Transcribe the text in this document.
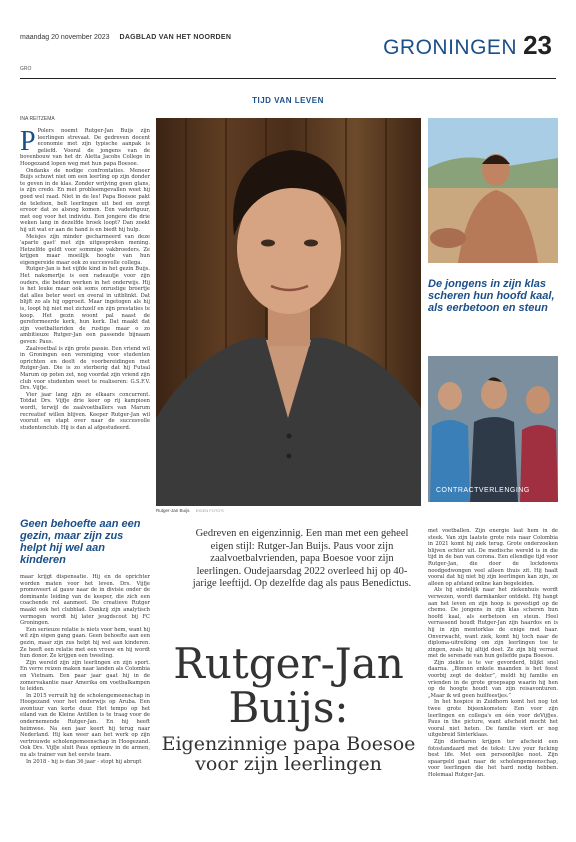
maandag 20 november 2023 DAGBLAD VAN HET NOORDEN
GRO
GRONINGEN 23
TIJD VAN LEVEN
INA REITZEMA
P Polers noemt Rutger-Jan Buijs zijn leerlingen strevaat. De gedreven docent economie met zijn typische aanpak is geliefd. Vooral de jongens van de bovenbouw van het dr. Aletta Jacobs College in Hoogezand lopen weg met hun papa Boesoe.

Ondanks de nodige confrontaties. Meneer Buijs schuwt niet om een leerling op zijn donder te geven in de klas. Zonder wrijving geen glans, is zijn credo. En met probleemgevallen weet hij goed wel raad. Niet in de les! Papa Boesoe pakt de telefoon, belt leerlingen uit bed en zorgt ervoor dat ze alsnog komen. Een vaderfiguur, met oog voor het individu. Een jongere die drie weken lang in dezelfde broek loopt? Dan zoekt hij uit wat er aan de hand is en biedt hij hulp.

Meisjes zijn minder gecharmeerd van deze 'aparte gast' met zijn uitgesproken mening. Hetzelfde geldt voor sommige vakbroeders. Ze krijgen maar moeilijk hoogte van hun eigengereide maar ook zo succesvolle collega.

Rutger-Jan is het vijfde kind in het gezin Buijs. Het nakomertje is een radeautje voor zijn ouders, die beiden werken in het onderwijs. Hij is het leuke maar ook soms onrustige broertje dat alles beter weet en overal in uitblinkt. Dat blijft zo als hij opgroeit. Maar ingetogen als hij is, loopt hij niet met zichzelf en zijn prestaties te koop. Het gezin woont pal naast de gereformeerde kerk, hun kerk. Dat maakt dat zijn voetbalteriden de rustige maar o zo ambitieuze Rutger-Jan een passende bijnaam geven: Paus.

Zaalvoetbal is zijn grote passie. Een vriend wil in Groningen een vereniging voor studenten oprichten en deelt de voorbereidingen met Rutger-Jan. Die is zo sterberig dat hij Futsal Marum op poten zet, nog voordat zijn vriend zijn club voor studenten weet te realiseren: G.S.F.V. Drs. Vijfje.

Vier jaar lang zijn ze elkaars concurrent. Totdat Drs. Vijfje drie keer op rij kampioen wordt, terwijl de zaalvoetballers van Marum recreatief willen blijven. Keeper Rutger-Jan wil vooruit en stapt over naar de succesvolle studentenclub. Hij is dan al afgestudeerd.

Geen behoefte aan een gezin, maar zijn zus helpt hij wel aan kinderen

maar krijgt dispensatie. Hij en de oprichter worden maten voor het leven. Drs. Vijfje promoveert al gauw naar de in divisie onder de dominante leiding van de keeper, die zich een coachende rol aanmeet. De creatieve Rutger maakt ook het clubblad. Dankzij zijn analytisch vermogen wordt hij later jeugdscout bij FC Groningen.

Een serieuze relatie is niets voor hem, want hij wil zijn eigen gang gaan. Geen behoefte aan een gezin, maar zijn zus helpt hij wel aan kinderen. Ze heeft een relatie met een vrouw en hij wordt hun donor. Ze krijgen een tweeling.

Zijn wereld zijn zijn leerlingen en zijn sport. En verre reizen maken naar landen als Colombia en Vietnam. Een paar jaar gaat hij in de zomervakantie naar Amerika om voetbalkampen te leiden.

In 2015 verruilt hij de scholengemeenschap in Hoogezand voor het onderwijs op Aruba. Een avontuur van korte duur. Het tempo op het eiland van de Kleine Antillen is te traag voor de ondernemende Rutger-Jan. En hij heeft heimwee. Na een jaar keert hij terug naar Nederland. Hij kan weer aan het werk op zijn vertrouwde scholengemeenschap in Hoogezand. Ook Drs. Vijfje sluit Paus opnieuw in de armen, nu als trainer van het eerste team.

In 2018 - hij is dan 36 jaar - stopt hij abrupt

Rutger-Jan Buijs. EIGEN FOTO'S
De jongens in zijn klas scheren hun hoofd kaal, als eerbetoon en steun
CONTRACTVERLENGING
Gedreven en eigenzinnig. Een man met een geheel eigen stijl: Rutger-Jan Buijs. Paus voor zijn zaalvoetbalvrienden, papa Boesoe voor zijn leerlingen. Oudejaarsdag 2022 overleed hij op 40-jarige leeftijd. Op dezelfde dag als paus Benedictus.
Rutger-Jan Buijs:
Eigenzinnige papa Boesoe voor zijn leerlingen

met voetballen. Zijn energie laat hem in de steek. Van zijn laatste grote reis naar Colombia in 2021 komt hij ziek terug. Grote onderzoeken blijven echter uit. De medische wereld is in die tijd in de ban van corona. Een ellendige tijd voor Rutger-Jan, die door de lockdowns noodgedwongen veel alleen thuis zit. Hij haalt vooral dat hij niet bij zijn leerlingen kan zijn, ze alleen op afstand online kan begeleiden.

Als hij eindelijk naar het ziekenhuis wordt verwezen, wordt darmkanker ontdekt. Hij hangt aan het leven en zijn hoop is gevestigd op de chemo. De jongens in zijn klas scheren hun hoofd kaal, als eerbetoon en steun. Heel verrassend houdt Rutger-Jan zijn haardos en is hij in zijn mentorklas de enige met haar. Onverwacht, want ziek, komt hij toch naar de diploma-uitreiking om zijn leerlingen toe te zingen, zoals hij altijd doet. Ze zijn blij verrast met de serenade van hun geliefde papa Boesoe.

Zijn ziekte is te ver gevorderd, blijkt snel daarna. „Binnen enkele maanden is het feest voorbij zegt de dokter”, meldt hij familie en vrienden in de grote groepsapp waarin hij hen op de hoogte houdt van zijn reisavonturen. „Maar ik wil geen huilfeestjes.”

In het hospice in Zuidhorn komt het nog tot twee grote bijeenkomsten: Een voor zijn leerlingen en collega's en één voor deVijfjes. Paus in the picture, want afscheid mocht het vooral niet heten. De familie viert er nog uitgebreid Sinterklaas.

Zijn dierbaren krijgen ter afscheid een fotostandaard met de tekst: Live your fucking best life. Met een persoonlijke noot. Zijn spaargeld gaat naar de scholengemeenschap, voor leerlingen die het hard nodig hebben. Holemaal Rutger-Jan.
